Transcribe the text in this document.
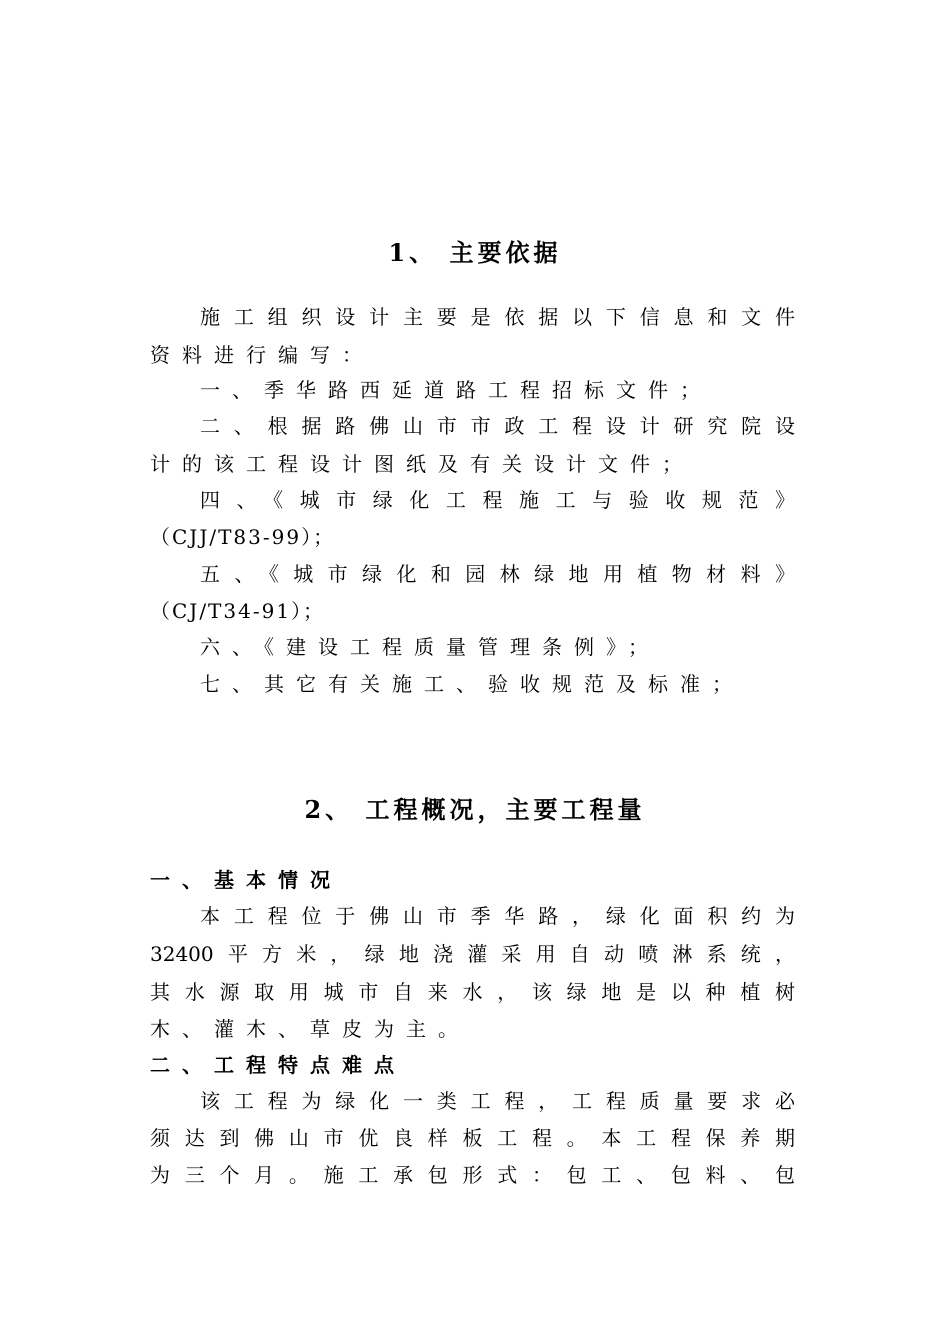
1、 主要依据
施工组织设计主要是依据以下信息和文件
资料进行编写：
一、季华路西延道路工程招标文件；
二、根据路佛山市市政工程设计研究院设
计的该工程设计图纸及有关设计文件；
四、《城市绿化工程施工与验收规范》
（CJJ/T83-99）；
五、《城市绿化和园林绿地用植物材料》
（CJ/T34-91）；
六、《建设工程质量管理条例》；
七、其它有关施工、验收规范及标准；
2、 工程概况，主要工程量
一、基本情况
本工程位于佛山市季华路，绿化面积约为
32400平方米，绿地浇灌采用自动喷淋系统，
其水源取用城市自来水，该绿地是以种植树
木、灌木、草皮为主。
二、工程特点难点
该工程为绿化一类工程，工程质量要求必
须达到佛山市优良样板工程。本工程保养期
为三个月。施工承包形式：包工、包料、包
